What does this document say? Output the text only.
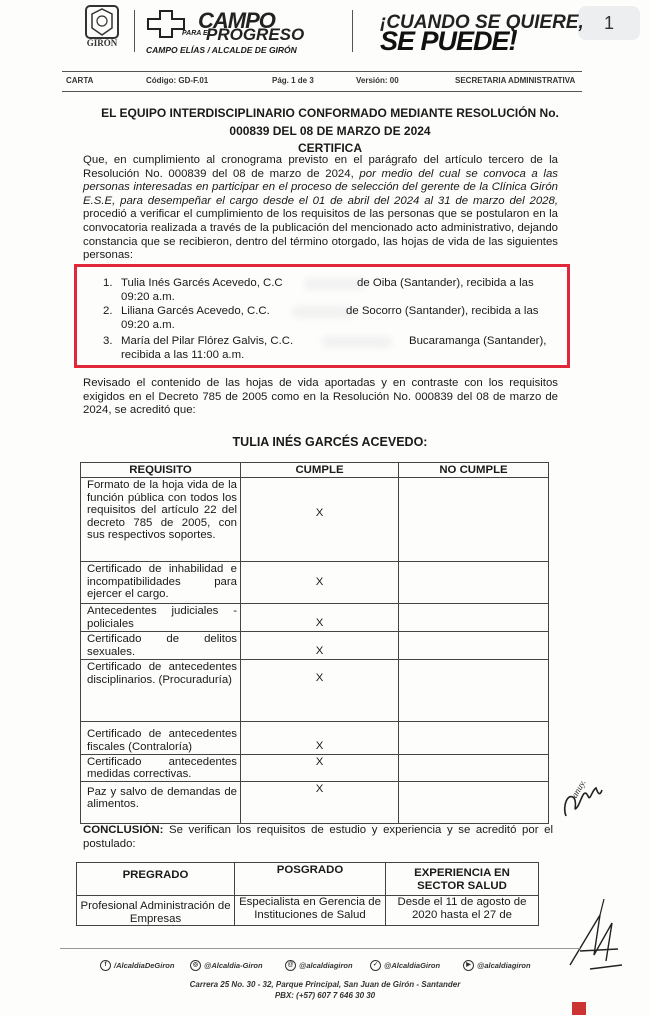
1
GIRÓN
CAMPO
PARA EL
PROGRESO
CAMPO ELÍAS / ALCALDE DE GIRÓN
¡CUANDO SE QUIERE,
SE PUEDE!
CARTA	Código: GD-F.01	Pág. 1 de 3	Versión: 00	SECRETARIA ADMINISTRATIVA
EL EQUIPO INTERDISCIPLINARIO CONFORMADO MEDIANTE RESOLUCIÓN No.
000839 DEL 08 DE MARZO DE 2024
CERTIFICA
Que, en cumplimiento al cronograma previsto en el parágrafo del artículo tercero de la Resolución No. 000839 del 08 de marzo de 2024, por medio del cual se convoca a las personas interesadas en participar en el proceso de selección del gerente de la Clínica Girón E.S.E, para desempeñar el cargo desde el 01 de abril del 2024 al 31 de marzo del 2028, procedió a verificar el cumplimiento de los requisitos de las personas que se postularon en la convocatoria realizada a través de la publicación del mencionado acto administrativo, dejando constancia que se recibieron, dentro del término otorgado, las hojas de vida de las siguientes personas:
1. Tulia Inés Garcés Acevedo, C.C	de Oiba (Santander), recibida a las
09:20 a.m.
2. Liliana Garcés Acevedo, C.C.	de Socorro (Santander), recibida a las
09:20 a.m.
3. María del Pilar Flórez Galvis, C.C.	Bucaramanga (Santander),
recibida a las 11:00 a.m.
Revisado el contenido de las hojas de vida aportadas y en contraste con los requisitos exigidos en el Decreto 785 de 2005 como en la Resolución No. 000839 del 08 de marzo de 2024, se acreditó que:
TULIA INÉS GARCÉS ACEVEDO:
REQUISITO	CUMPLE	NO CUMPLE
Formato de la hoja vida de la función pública con todos los requisitos del artículo 22 del decreto 785 de 2005, con sus respectivos soportes.	X	
Certificado de inhabilidad e incompatibilidades para ejercer el cargo.	X	
Antecedentes judiciales - policiales	X	
Certificado de delitos sexuales.	X	
Certificado de antecedentes disciplinarios. (Procuraduría)	X	
Certificado de antecedentes fiscales (Contraloría)	X	
Certificado antecedentes medidas correctivas.	X	
Paz y salvo de demandas de alimentos.	X		anuy.
CONCLUSIÓN: Se verifican los requisitos de estudio y experiencia y se acreditó por el postulado:
PREGRADO	POSGRADO	EXPERIENCIA EN SECTOR SALUD
Profesional Administración de Empresas	Especialista en Gerencia de Instituciones de Salud	Desde el 11 de agosto de 2020 hasta el 27 de
f	/AlcaldiaDeGiron	◎ @Alcaldia-Giron	@ @alcaldiagiron	✓ @AlcaldiaGiron	▶ @alcaldiagiron
Carrera 25 No. 30 - 32, Parque Principal, San Juan de Girón - Santander
PBX: (+57) 607 7 646 30 30
